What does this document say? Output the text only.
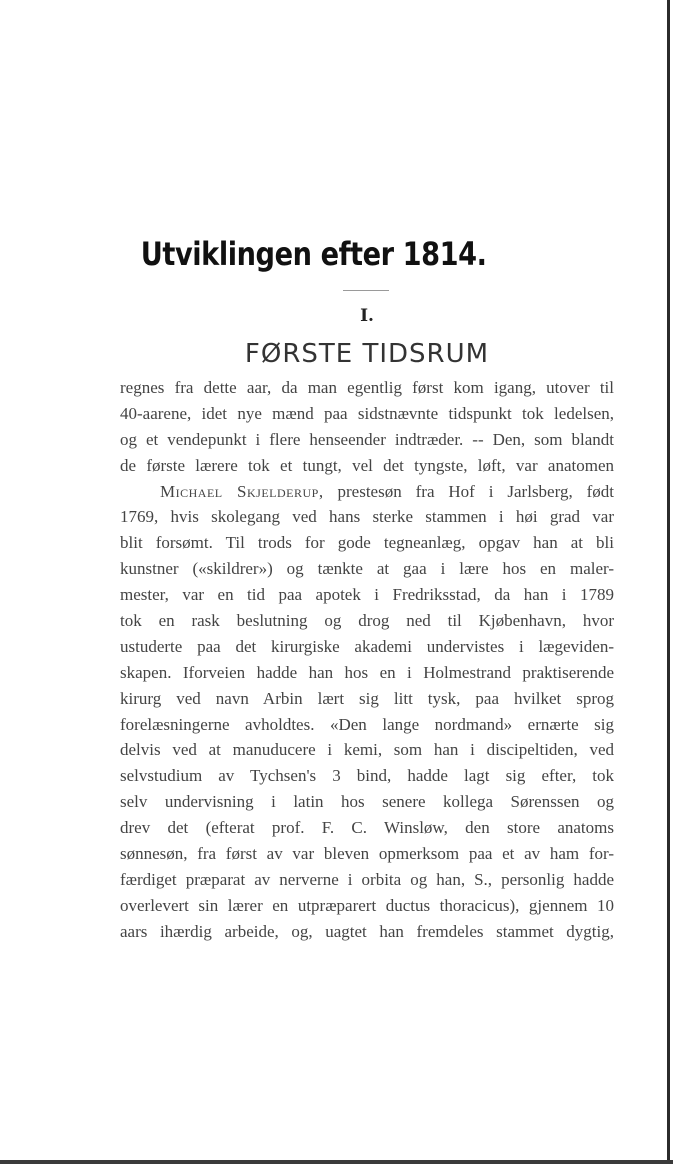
Utviklingen efter 1814.
I.
FØRSTE TIDSRUM
regnes fra dette aar, da man egentlig først kom igang, utover til
40-aarene, idet nye mænd paa sidstnævnte tidspunkt tok ledelsen,
og et vendepunkt i flere henseender indtræder. -- Den, som blandt
de første lærere tok et tungt, vel det tyngste, løft, var anatomen
Michael Skjelderup, prestesøn fra Hof i Jarlsberg, født
1769, hvis skolegang ved hans sterke stammen i høi grad var
blit forsømt. Til trods for gode tegneanlæg, opgav han at bli
kunstner («skildrer») og tænkte at gaa i lære hos en maler-
mester, var en tid paa apotek i Fredriksstad, da han i 1789
tok en rask beslutning og drog ned til Kjøbenhavn, hvor
ustuderte paa det kirurgiske akademi undervistes i lægeviden-
skapen. Iforveien hadde han hos en i Holmestrand praktiserende
kirurg ved navn Arbin lært sig litt tysk, paa hvilket sprog
forelæsningerne avholdtes. «Den lange nordmand» ernærte sig
delvis ved at manuducere i kemi, som han i discipeltiden, ved
selvstudium av Tychsen's 3 bind, hadde lagt sig efter, tok
selv undervisning i latin hos senere kollega Sørenssen og
drev det (efterat prof. F. C. Winsløw, den store anatoms
sønnesøn, fra først av var bleven opmerksom paa et av ham for-
færdiget præparat av nerverne i orbita og han, S., personlig hadde
overlevert sin lærer en utpræparert ductus thoracicus), gjennem 10
aars ihærdig arbeide, og, uagtet han fremdeles stammet dygtig,
